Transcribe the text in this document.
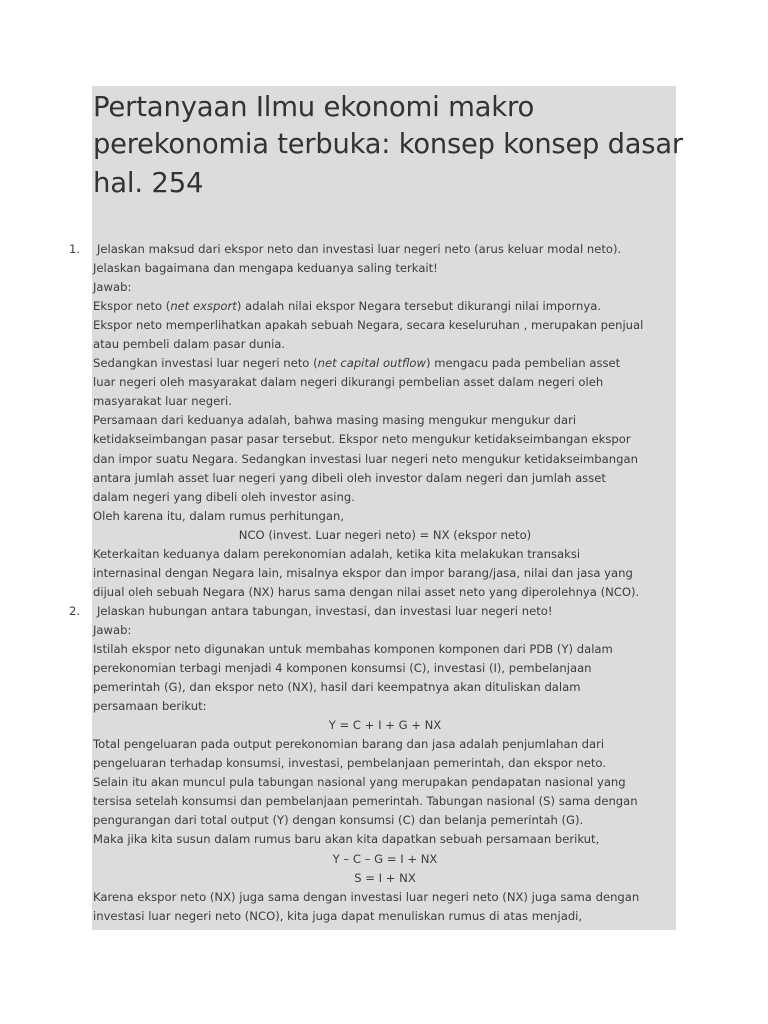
Pertanyaan Ilmu ekonomi makro
perekonomia terbuka: konsep konsep dasar
hal. 254
1.	Jelaskan maksud dari ekspor neto dan investasi luar negeri neto (arus keluar modal neto).
Jelaskan bagaimana dan mengapa keduanya saling terkait!
Jawab:
Ekspor neto (net exsport) adalah nilai ekspor Negara tersebut dikurangi nilai impornya.
Ekspor neto memperlihatkan apakah sebuah Negara, secara keseluruhan , merupakan penjual
atau pembeli dalam pasar dunia.
Sedangkan investasi luar negeri neto (net capital outflow) mengacu pada pembelian asset
luar negeri oleh masyarakat dalam negeri dikurangi pembelian asset dalam negeri oleh
masyarakat luar negeri.
Persamaan dari keduanya adalah, bahwa masing masing mengukur mengukur dari
ketidakseimbangan pasar pasar tersebut. Ekspor neto mengukur ketidakseimbangan ekspor
dan impor suatu Negara. Sedangkan investasi luar negeri neto mengukur ketidakseimbangan
antara jumlah asset luar negeri yang dibeli oleh investor dalam negeri dan jumlah asset
dalam negeri yang dibeli oleh investor asing.
Oleh karena itu, dalam rumus perhitungan,
NCO (invest. Luar negeri neto) = NX (ekspor neto)
Keterkaitan keduanya dalam perekonomian adalah, ketika kita melakukan transaksi
internasinal dengan Negara lain, misalnya ekspor dan impor barang/jasa, nilai dan jasa yang
dijual oleh sebuah Negara (NX) harus sama dengan nilai asset neto yang diperolehnya (NCO).
2.	Jelaskan hubungan antara tabungan, investasi, dan investasi luar negeri neto!
Jawab:
Istilah ekspor neto digunakan untuk membahas komponen komponen dari PDB (Y) dalam
perekonomian terbagi menjadi 4 komponen konsumsi (C), investasi (I), pembelanjaan
pemerintah (G), dan ekspor neto (NX), hasil dari keempatnya akan dituliskan dalam
persamaan berikut:
Y = C + I + G + NX
Total pengeluaran pada output perekonomian barang dan jasa adalah penjumlahan dari
pengeluaran terhadap konsumsi, investasi, pembelanjaan pemerintah, dan ekspor neto.
Selain itu akan muncul pula tabungan nasional yang merupakan pendapatan nasional yang
tersisa setelah konsumsi dan pembelanjaan pemerintah. Tabungan nasional (S) sama dengan
pengurangan dari total output (Y) dengan konsumsi (C) dan belanja pemerintah (G).
Maka jika kita susun dalam rumus baru akan kita dapatkan sebuah persamaan berikut,
Y – C – G = I + NX
S = I + NX
Karena ekspor neto (NX) juga sama dengan investasi luar negeri neto (NX) juga sama dengan
investasi luar negeri neto (NCO), kita juga dapat menuliskan rumus di atas menjadi,
